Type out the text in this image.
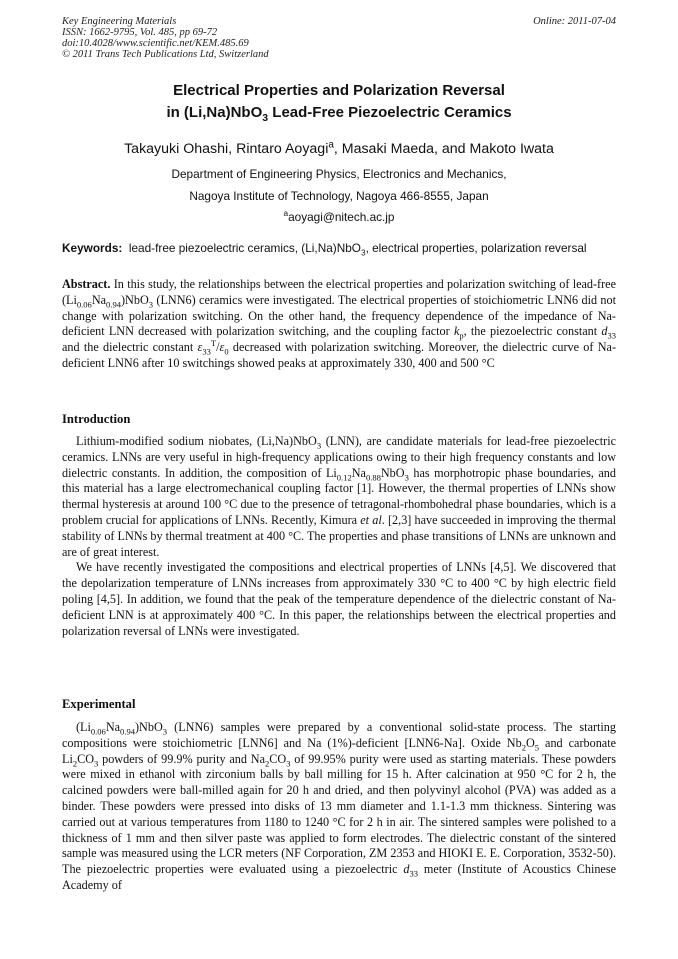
Key Engineering Materials
ISSN: 1662-9795, Vol. 485, pp 69-72
doi:10.4028/www.scientific.net/KEM.485.69
© 2011 Trans Tech Publications Ltd, Switzerland
Online: 2011-07-04
Electrical Properties and Polarization Reversal
in (Li,Na)NbO$_3$ Lead-Free Piezoelectric Ceramics
Takayuki Ohashi, Rintaro Aoyagi$^a$, Masaki Maeda, and Makoto Iwata
Department of Engineering Physics, Electronics and Mechanics,
Nagoya Institute of Technology, Nagoya 466-8555, Japan
$^a$aoyagi@nitech.ac.jp
Keywords: lead-free piezoelectric ceramics, (Li,Na)NbO$_3$, electrical properties, polarization reversal
Abstract. In this study, the relationships between the electrical properties and polarization switching of lead-free $(Li_{0.06}Na_{0.94})NbO_3$ (LNN6) ceramics were investigated. The electrical properties of stoichiometric LNN6 did not change with polarization switching. On the other hand, the frequency dependence of the impedance of Na-deficient LNN decreased with polarization switching, and the coupling factor $k_p$, the piezoelectric constant $d_{33}$ and the dielectric constant $\varepsilon_{33}^T/\varepsilon_0$ decreased with polarization switching. Moreover, the dielectric curve of Na-deficient LNN6 after 10 switchings showed peaks at approximately 330, 400 and 500 °C
Introduction

Lithium-modified sodium niobates, (Li,Na)NbO$_3$ (LNN), are candidate materials for lead-free piezoelectric ceramics. LNNs are very useful in high-frequency applications owing to their high frequency constants and low dielectric constants. In addition, the composition of $Li_{0.12}Na_{0.88}NbO_3$ has morphotropic phase boundaries, and this material has a large electromechanical coupling factor [1]. However, the thermal properties of LNNs show thermal hysteresis at around 100 °C due to the presence of tetragonal-rhombohedral phase boundaries, which is a problem crucial for applications of LNNs. Recently, Kimura et al. [2,3] have succeeded in improving the thermal stability of LNNs by thermal treatment at 400 °C. The properties and phase transitions of LNNs are unknown and are of great interest.

We have recently investigated the compositions and electrical properties of LNNs [4,5]. We discovered that the depolarization temperature of LNNs increases from approximately 330 °C to 400 °C by high electric field poling [4,5]. In addition, we found that the peak of the temperature dependence of the dielectric constant of Na-deficient LNN is at approximately 400 °C. In this paper, the relationships between the electrical properties and polarization reversal of LNNs were investigated.

Experimental

$(Li_{0.06}Na_{0.94})NbO_3$ (LNN6) samples were prepared by a conventional solid-state process. The starting compositions were stoichiometric [LNN6] and Na (1%)-deficient [LNN6-Na]. Oxide $Nb_2O_5$ and carbonate $Li_2CO_3$ powders of 99.9% purity and $Na_2CO_3$ of 99.95% purity were used as starting materials. These powders were mixed in ethanol with zirconium balls by ball milling for 15 h. After calcination at 950 °C for 2 h, the calcined powders were ball-milled again for 20 h and dried, and then polyvinyl alcohol (PVA) was added as a binder. These powders were pressed into disks of 13 mm diameter and 1.1-1.3 mm thickness. Sintering was carried out at various temperatures from 1180 to 1240 °C for 2 h in air. The sintered samples were polished to a thickness of 1 mm and then silver paste was applied to form electrodes. The dielectric constant of the sintered sample was measured using the LCR meters (NF Corporation, ZM 2353 and HIOKI E. E. Corporation, 3532-50). The piezoelectric properties were evaluated using a piezoelectric $d_{33}$ meter (Institute of Acoustics Chinese Academy of
